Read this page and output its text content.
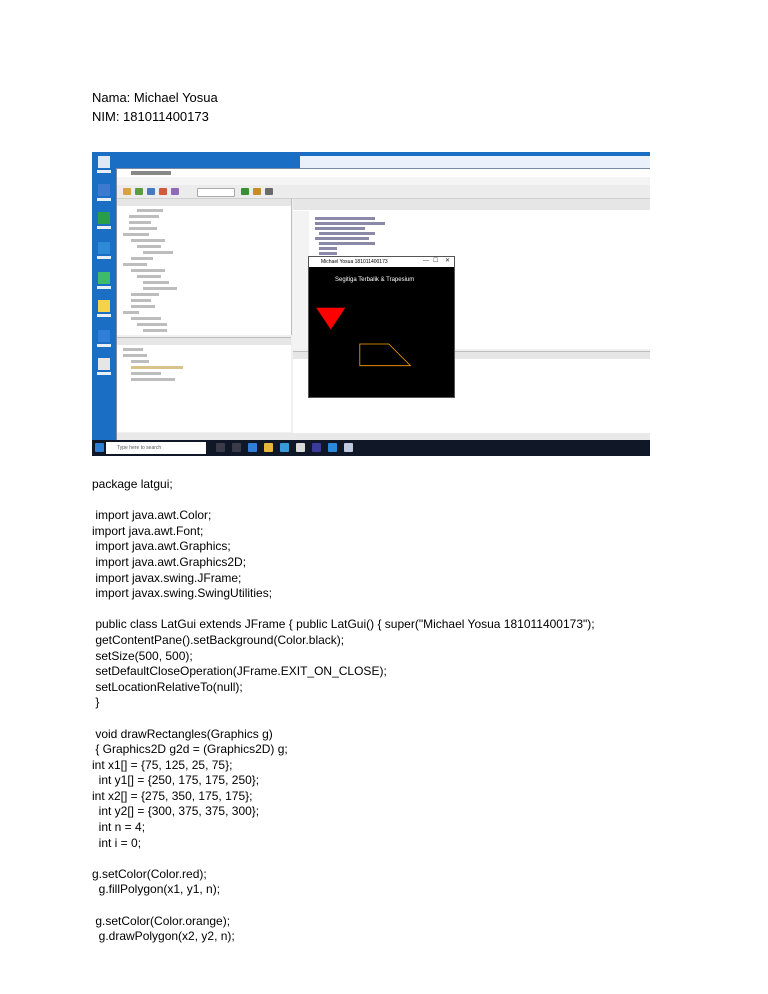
Nama: Michael Yosua
NIM: 181011400173
Michael Yosua 181011400173	— ☐ ✕
Segitiga Terbalik & Trapesium
Type here to search
package latgui;
import java.awt.Color;
import java.awt.Font;
import java.awt.Graphics;
import java.awt.Graphics2D;
import javax.swing.JFrame;
import javax.swing.SwingUtilities;
public class LatGui extends JFrame { public LatGui() { super("Michael Yosua 181011400173");
getContentPane().setBackground(Color.black);
setSize(500, 500);
setDefaultCloseOperation(JFrame.EXIT_ON_CLOSE);
setLocationRelativeTo(null);
}
void drawRectangles(Graphics g)
{ Graphics2D g2d = (Graphics2D) g;
int x1[] = {75, 125, 25, 75};
int y1[] = {250, 175, 175, 250};
int x2[] = {275, 350, 175, 175};
int y2[] = {300, 375, 375, 300};
int n = 4;
int i = 0;
g.setColor(Color.red);
g.fillPolygon(x1, y1, n);
g.setColor(Color.orange);
g.drawPolygon(x2, y2, n);
